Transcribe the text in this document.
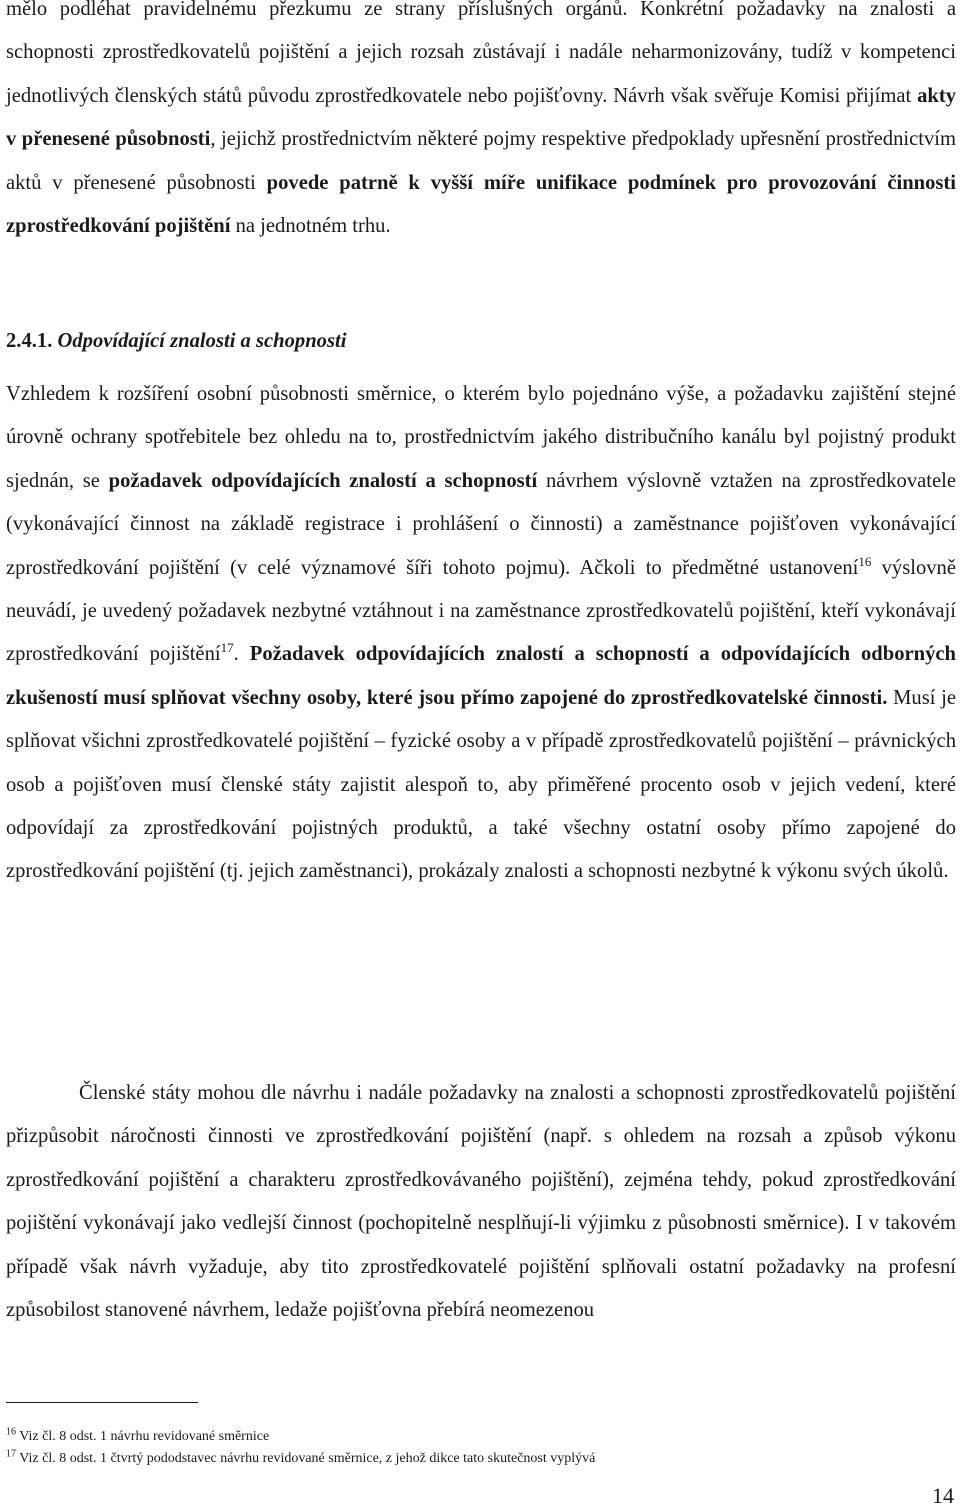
mělo podléhat pravidelnému přezkumu ze strany příslušných orgánů. Konkrétní požadavky na znalosti a schopnosti zprostředkovatelů pojištění a jejich rozsah zůstávají i nadále neharmonizovány, tudíž v kompetenci jednotlivých členských států původu zprostředkovatele nebo pojišťovny. Návrh však svěřuje Komisi přijímat akty v přenesené působnosti, jejichž prostřednictvím některé pojmy respektive předpoklady upřesnění prostřednictvím aktů v přenesené působnosti povede patrně k vyšší míře unifikace podmínek pro provozování činnosti zprostředkování pojištění na jednotném trhu.

2.4.1. Odpovídající znalosti a schopnosti

Vzhledem k rozšíření osobní působnosti směrnice, o kterém bylo pojednáno výše, a požadavku zajištění stejné úrovně ochrany spotřebitele bez ohledu na to, prostřednictvím jakého distribučního kanálu byl pojistný produkt sjednán, se požadavek odpovídajících znalostí a schopností návrhem výslovně vztažen na zprostředkovatele (vykonávající činnost na základě registrace i prohlášení o činnosti) a zaměstnance pojišťoven vykonávající zprostředkování pojištění (v celé významové šíři tohoto pojmu). Ačkoli to předmětné ustanovení$^{16}$ výslovně neuvádí, je uvedený požadavek nezbytné vztáhnout i na zaměstnance zprostředkovatelů pojištění, kteří vykonávají zprostředkování pojištění$^{17}$. Požadavek odpovídajících znalostí a schopností a odpovídajících odborných zkušeností musí splňovat všechny osoby, které jsou přímo zapojené do zprostředkovatelské činnosti. Musí je splňovat všichni zprostředkovatelé pojištění – fyzické osoby a v případě zprostředkovatelů pojištění – právnických osob a pojišťoven musí členské státy zajistit alespoň to, aby přiměřené procento osob v jejich vedení, které odpovídají za zprostředkování pojistných produktů, a také všechny ostatní osoby přímo zapojené do zprostředkování pojištění (tj. jejich zaměstnanci), prokázaly znalosti a schopnosti nezbytné k výkonu svých úkolů.

Členské státy mohou dle návrhu i nadále požadavky na znalosti a schopnosti zprostředkovatelů pojištění přizpůsobit náročnosti činnosti ve zprostředkování pojištění (např. s ohledem na rozsah a způsob výkonu zprostředkování pojištění a charakteru zprostředkovávaného pojištění), zejména tehdy, pokud zprostředkování pojištění vykonávají jako vedlejší činnost (pochopitelně nesplňují-li výjimku z působnosti směrnice). I v takovém případě však návrh vyžaduje, aby tito zprostředkovatelé pojištění splňovali ostatní požadavky na profesní způsobilost stanovené návrhem, ledaže pojišťovna přebírá neomezenou

$^{16}$ Viz čl. 8 odst. 1 návrhu revidované směrnice
$^{17}$ Viz čl. 8 odst. 1 čtvrtý pododstavec návrhu revidované směrnice, z jehož dikce tato skutečnost vyplývá
14
